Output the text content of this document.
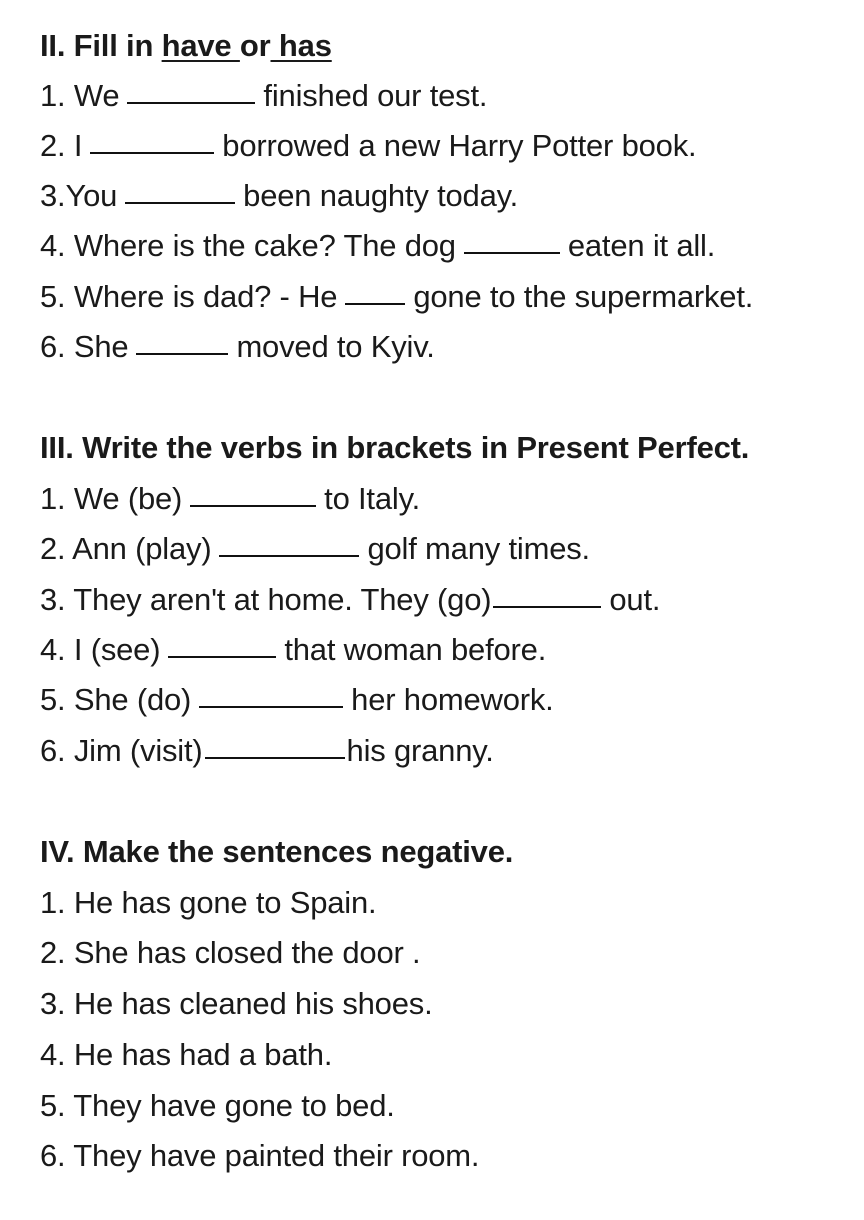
II. Fill in have or has
1. We	finished our test.
2. I	borrowed a new Harry Potter book.
3.You	been naughty today.
4. Where is the cake? The dog	eaten it all.
5. Where is dad? - He gone to the supermarket.
6. She	moved to Kyiv.
III. Write the verbs in brackets in Present Perfect.
1. We (be)	to Italy.
2. Ann (play)	golf many times.
3. They aren't at home. They (go)	out.
4. I (see)	that woman before.
5. She (do)	her homework.
6. Jim (visit)	his granny.
IV. Make the sentences negative.
1. He has gone to Spain.
2. She has closed the door .
3. He has cleaned his shoes.
4. He has had a bath.
5. They have gone to bed.
6. They have painted their room.
